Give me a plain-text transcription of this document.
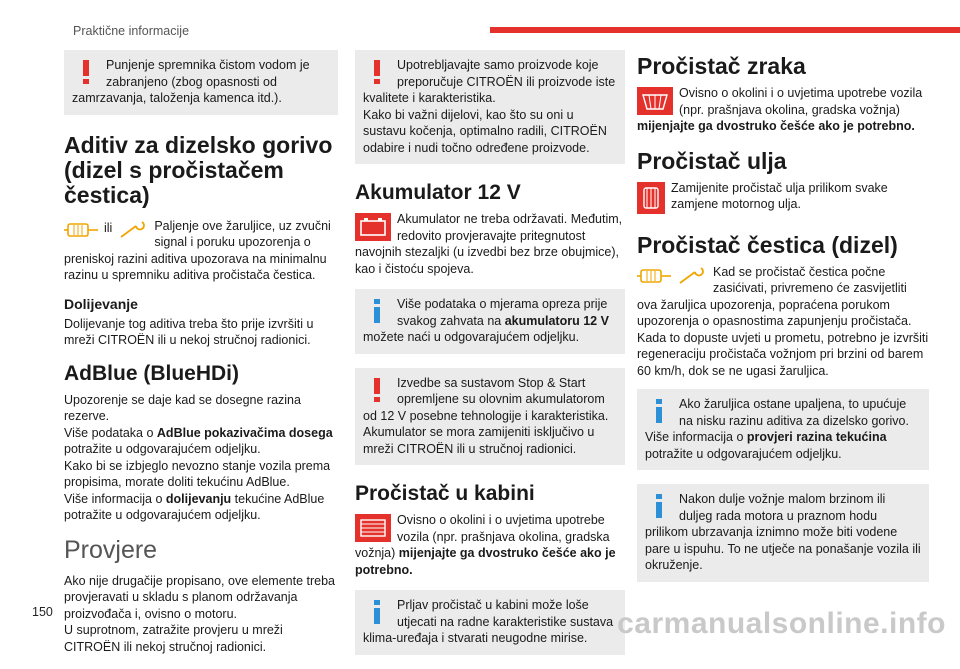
Praktične informacije

Punjenje spremnika čistom vodom je zabranjeno (zbog opasnosti od zamrzavanja, taloženja kamenca itd.).

Aditiv za dizelsko gorivo (dizel s pročistačem čestica)
ili	Paljenje ove žaruljice, uz zvučni signal i poruku upozorenja o preniskoj razini aditiva upozorava na minimalnu razinu u spremniku aditiva pročistača čestica.
Dolijevanje

Dolijevanje tog aditiva treba što prije izvršiti u mreži CITROËN ili u nekoj stručnoj radionici.

AdBlue (BlueHDi)
Upozorenje se daje kad se dosegne razina rezerve.
Više podataka o AdBlue pokazivačima dosega potražite u odgovarajućem odjeljku.
Kako bi se izbjeglo nevozno stanje vozila prema propisima, morate doliti tekućinu AdBlue.
Više informacija o dolijevanju tekućine AdBlue potražite u odgovarajućem odjeljku.
Provjere
Ako nije drugačije propisano, ove elemente treba provjeravati u skladu s planom održavanja proizvođača i, ovisno o motoru.
U suprotnom, zatražite provjeru u mreži CITROËN ili nekoj stručnoj radionici.

Upotrebljavajte samo proizvode koje preporučuje CITROËN ili proizvode iste kvalitete i karakteristika.
Kako bi važni dijelovi, kao što su oni u sustavu kočenja, optimalno radili, CITROËN odabire i nudi točno određene proizvode.

Akumulator 12 V
Akumulator ne treba održavati. Međutim, redovito provjeravajte pritegnutost navojnih stezaljki (u izvedbi bez brze obujmice), kao i čistoću spojeva.

Više podataka o mjerama opreza prije svakog zahvata na akumulatoru 12 V možete naći u odgovarajućem odjeljku.

Izvedbe sa sustavom Stop & Start opremljene su olovnim akumulatorom od 12 V posebne tehnologije i karakteristika.
Akumulator se mora zamijeniti isključivo u mreži CITROËN ili u stručnoj radionici.

Pročistač u kabini
Ovisno o okolini i o uvjetima upotrebe vozila (npr. prašnjava okolina, gradska vožnja) mijenjajte ga dvostruko češće ako je potrebno.

Prljav pročistač u kabini može loše utjecati na radne karakteristike sustava klima-uređaja i stvarati neugodne mirise.

Pročistač zraka
Ovisno o okolini i o uvjetima upotrebe vozila (npr. prašnjava okolina, gradska vožnja) mijenjajte ga dvostruko češće ako je potrebno.
Pročistač ulja
Zamijenite pročistač ulja prilikom svake zamjene motornog ulja.
Pročistač čestica (dizel)
Kad se pročistač čestica počne zasićivati, privremeno će zasvijetliti ova žaruljica upozorenja, popraćena porukom upozorenja o opasnostima zapunjenju pročistača.
Kada to dopuste uvjeti u prometu, potrebno je izvršiti regeneraciju pročistača vožnjom pri brzini od barem 60 km/h, dok se ne ugasi žaruljica.

Ako žaruljica ostane upaljena, to upućuje na nisku razinu aditiva za dizelsko gorivo.
Više informacija o provjeri razina tekućina potražite u odgovarajućem odjeljku.

Nakon dulje vožnje malom brzinom ili duljeg rada motora u praznom hodu prilikom ubrzavanja iznimno može biti vodene pare u ispuhu. To ne utječe na ponašanje vozila ili okruženje.

150	carmanualsonline.info
